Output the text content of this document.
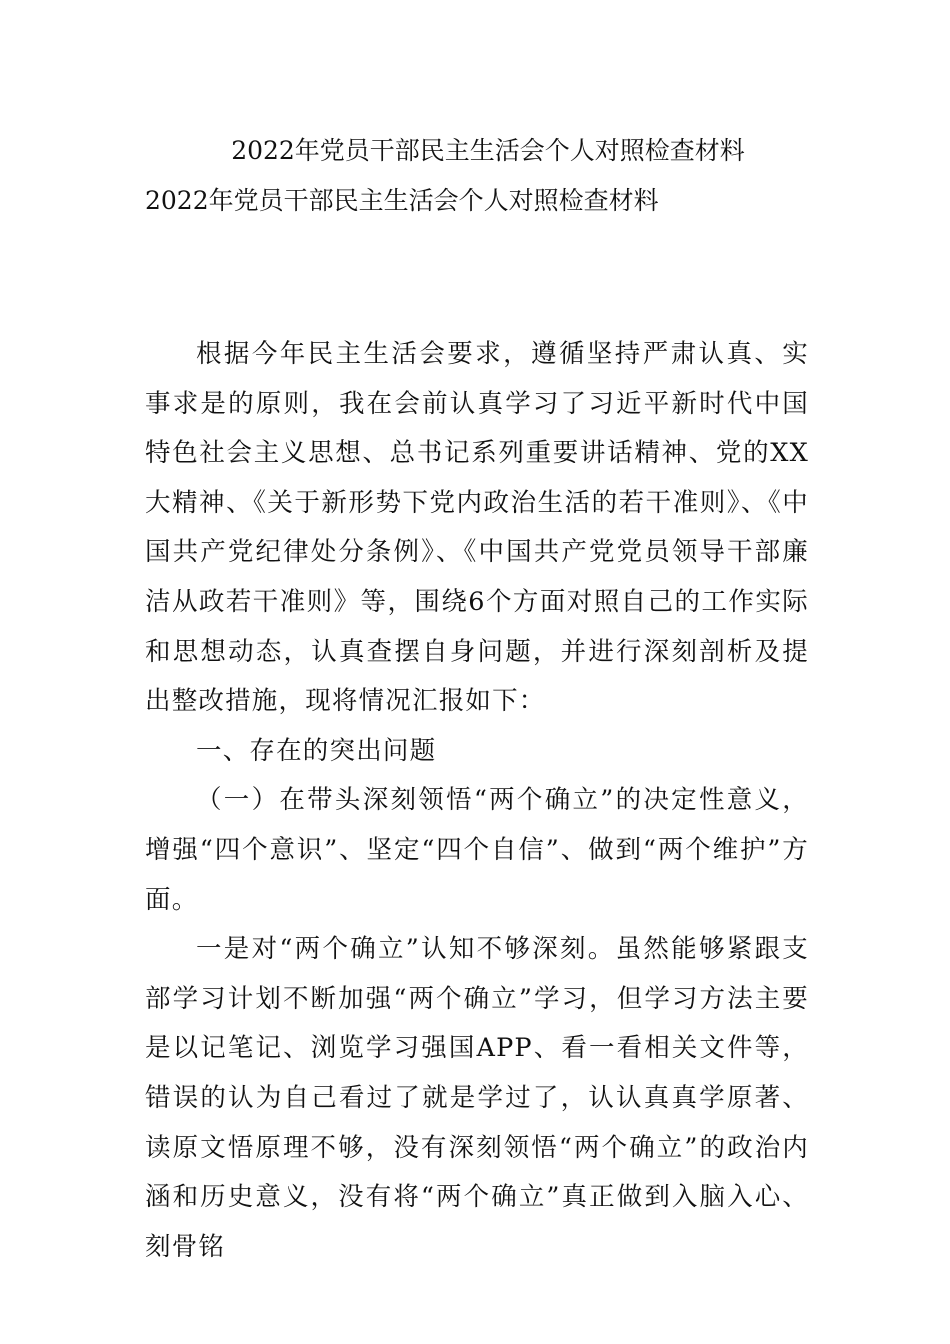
2022年党员干部民主生活会个人对照检查材料
2022年党员干部民主生活会个人对照检查材料

根据今年民主生活会要求，遵循坚持严肃认真、实事求是的原则，我在会前认真学习了习近平新时代中国特色社会主义思想、总书记系列重要讲话精神、党的XX大精神、《关于新形势下党内政治生活的若干准则》、《中国共产党纪律处分条例》、《中国共产党党员领导干部廉洁从政若干准则》等，围绕6个方面对照自己的工作实际和思想动态，认真查摆自身问题，并进行深刻剖析及提出整改措施，现将情况汇报如下：

一、存在的突出问题

（一）在带头深刻领悟“两个确立”的决定性意义，增强“四个意识”、坚定“四个自信”、做到“两个维护”方面。

一是对“两个确立”认知不够深刻。虽然能够紧跟支部学习计划不断加强“两个确立”学习，但学习方法主要是以记笔记、浏览学习强国APP、看一看相关文件等，错误的认为自己看过了就是学过了，认认真真学原著、读原文悟原理不够，没有深刻领悟“两个确立”的政治内涵和历史意义，没有将“两个确立”真正做到入脑入心、刻骨铭
